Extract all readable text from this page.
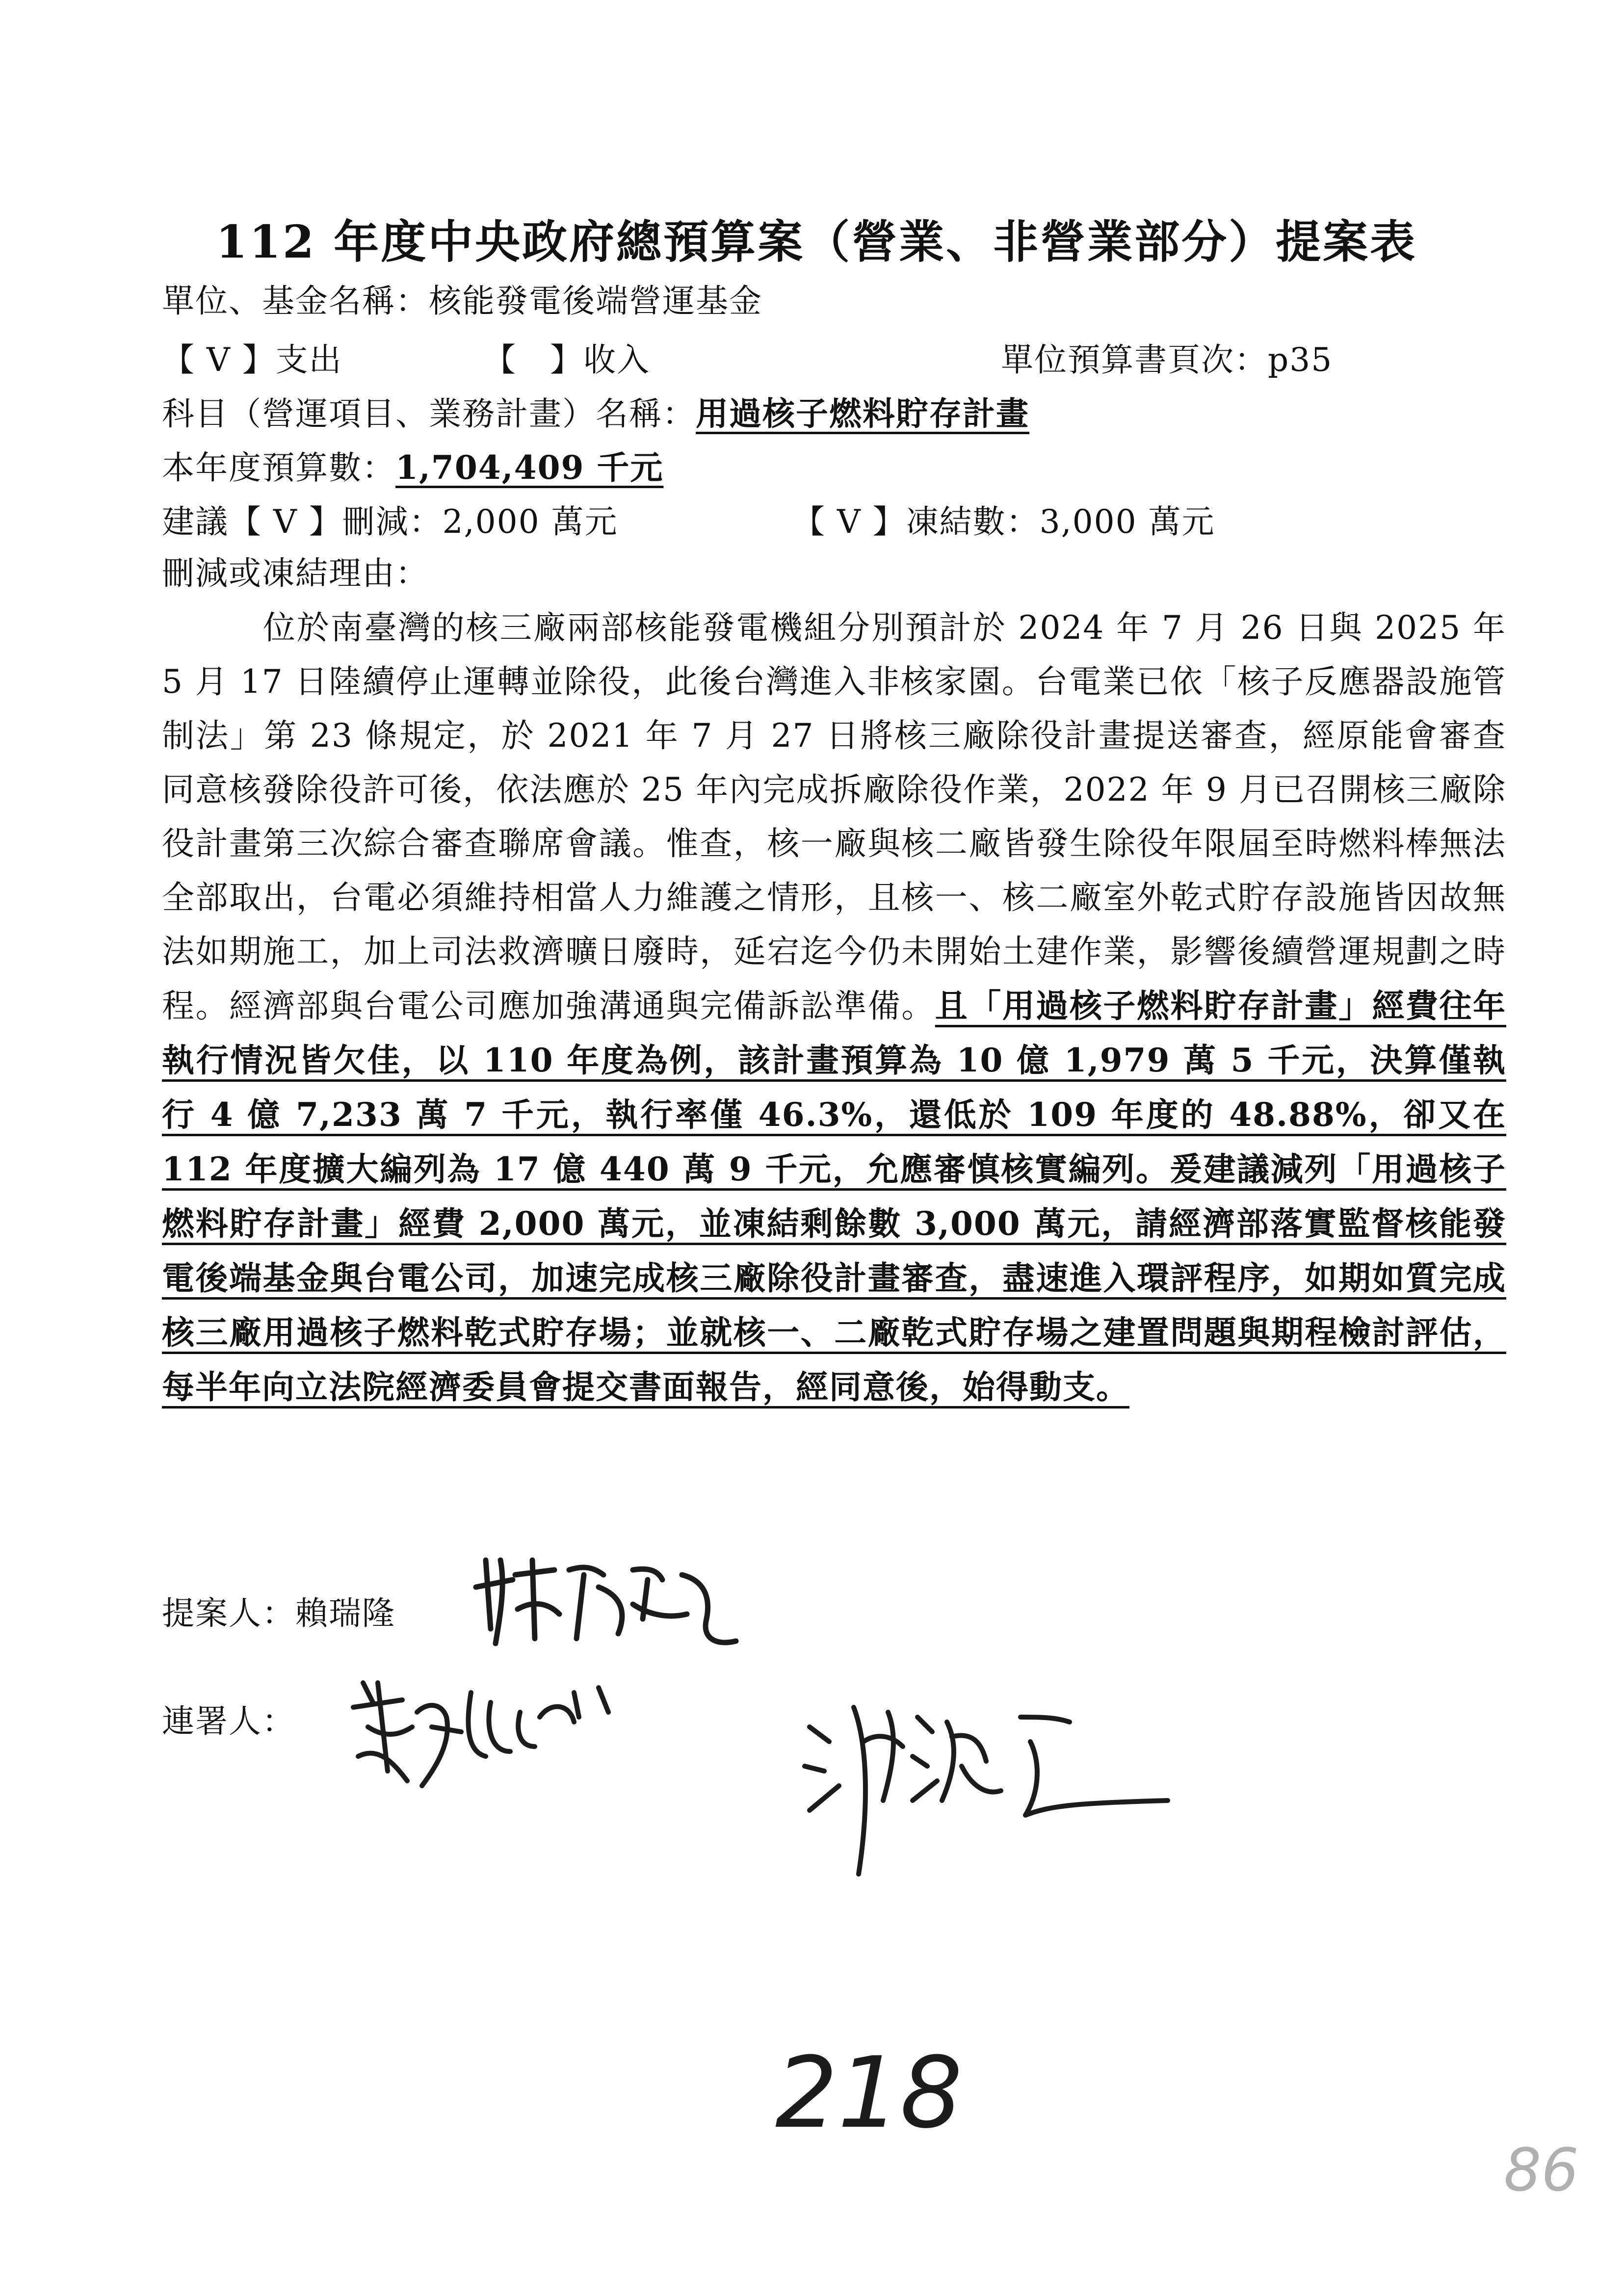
112 年度中央政府總預算案（營業、非營業部分）提案表
單位、基金名稱：核能發電後端營運基金
【 V 】支出	【　】收入	單位預算書頁次：p35
科目（營運項目、業務計畫）名稱：用過核子燃料貯存計畫
本年度預算數：1,704,409 千元
建議【 V 】刪減：2,000 萬元	【 V 】凍結數：3,000 萬元
刪減或凍結理由：
位於南臺灣的核三廠兩部核能發電機組分別預計於 2024 年 7 月 26 日與 2025 年 5 月 17 日陸續停止運轉並除役，此後台灣進入非核家園。台電業已依「核子反應器設施管制法」第 23 條規定，於 2021 年 7 月 27 日將核三廠除役計畫提送審查，經原能會審查同意核發除役許可後，依法應於 25 年內完成拆廠除役作業，2022 年 9 月已召開核三廠除役計畫第三次綜合審查聯席會議。惟查，核一廠與核二廠皆發生除役年限屆至時燃料棒無法全部取出，台電必須維持相當人力維護之情形，且核一、核二廠室外乾式貯存設施皆因故無法如期施工，加上司法救濟曠日廢時，延宕迄今仍未開始土建作業，影響後續營運規劃之時程。經濟部與台電公司應加強溝通與完備訴訟準備。且「用過核子燃料貯存計畫」經費往年執行情況皆欠佳，以 110 年度為例，該計畫預算為 10 億 1,979 萬 5 千元，決算僅執行 4 億 7,233 萬 7 千元，執行率僅 46.3%，還低於 109 年度的 48.88%，卻又在 112 年度擴大編列為 17 億 440 萬 9 千元，允應審慎核實編列。爰建議減列「用過核子燃料貯存計畫」經費 2,000 萬元，並凍結剩餘數 3,000 萬元，請經濟部落實監督核能發電後端基金與台電公司，加速完成核三廠除役計畫審查，盡速進入環評程序，如期如質完成核三廠用過核子燃料乾式貯存場；並就核一、二廠乾式貯存場之建置問題與期程檢討評估，每半年向立法院經濟委員會提交書面報告，經同意後，始得動支。
提案人：賴瑞隆
連署人：
218
86
